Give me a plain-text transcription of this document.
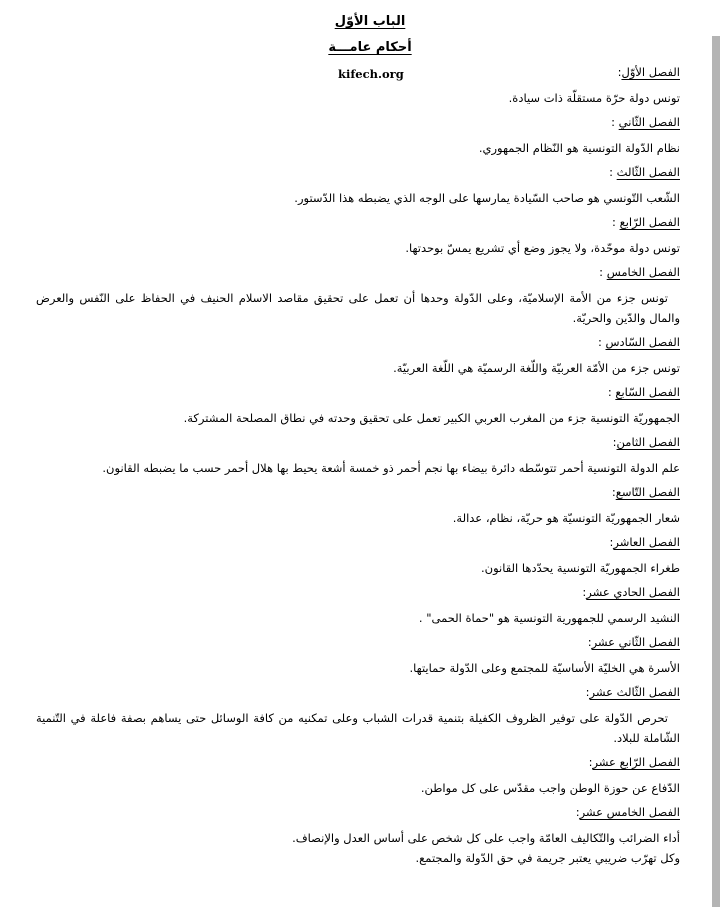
الباب الأوّل
أحكام عامـــة
kifech.org	الفصل الأوّل:

تونس دولة حرّة مستقلّة ذات سيادة.

الفصل الثّاني :

نظام الدّولة التونسية هو النّظام الجمهوري.

الفصل الثّالث :

الشّعب التّونسي هو صاحب السّيادة يمارسها على الوجه الذي يضبطه هذا الدّستور.

الفصل الرّابع :

تونس دولة موحّدة، ولا يجوز وضع أي تشريع يمسّ بوحدتها.

الفصل الخامس :

تونس جزء من الأمة الإسلاميّة، وعلى الدّولة وحدها أن تعمل على تحقيق مقاصد الاسلام الحنيف في الحفاظ على النّفس والعرض والمال والدّين والحريّة.

الفصل السّادس :

تونس جزء من الأمّة العربيّة واللّغة الرسميّة هي اللّغة العربيّة.

الفصل السّابع :

الجمهوريّة التونسية جزء من المغرب العربي الكبير تعمل على تحقيق وحدته في نطاق المصلحة المشتركة.

الفصل الثامن:

علم الدولة التونسية أحمر تتوسّطه دائرة بيضاء بها نجم أحمر ذو خمسة أشعة يحيط بها هلال أحمر حسب ما يضبطه القانون.

الفصل التّاسع:

شعار الجمهوريّة التونسيّة هو حريّة، نظام، عدالة.

الفصل العاشر:

طغراء الجمهوريّة التونسية يحدّدها القانون.

الفصل الحادي عشر:

النشيد الرسمي للجمهورية التونسية هو "حماة الحمى" .

الفصل الثّاني عشر:

الأسرة هي الخليّة الأساسيّة للمجتمع وعلى الدّولة حمايتها.

الفصل الثّالث عشر:

تحرص الدّولة على توفير الظروف الكفيلة بتنمية قدرات الشباب وعلى تمكنيه من كافة الوسائل حتى يساهم بصفة فاعلة في التّنمية الشّاملة للبلاد.

الفصل الرّابع عشر:

الدّفاع عن حوزة الوطن واجب مقدّس على كل مواطن.

الفصل الخامس عشر:

أداء الضرائب والتّكاليف العامّة واجب على كل شخص على أساس العدل والإنصاف.

وكل تهرّب ضريبي يعتبر جريمة في حق الدّولة والمجتمع.
